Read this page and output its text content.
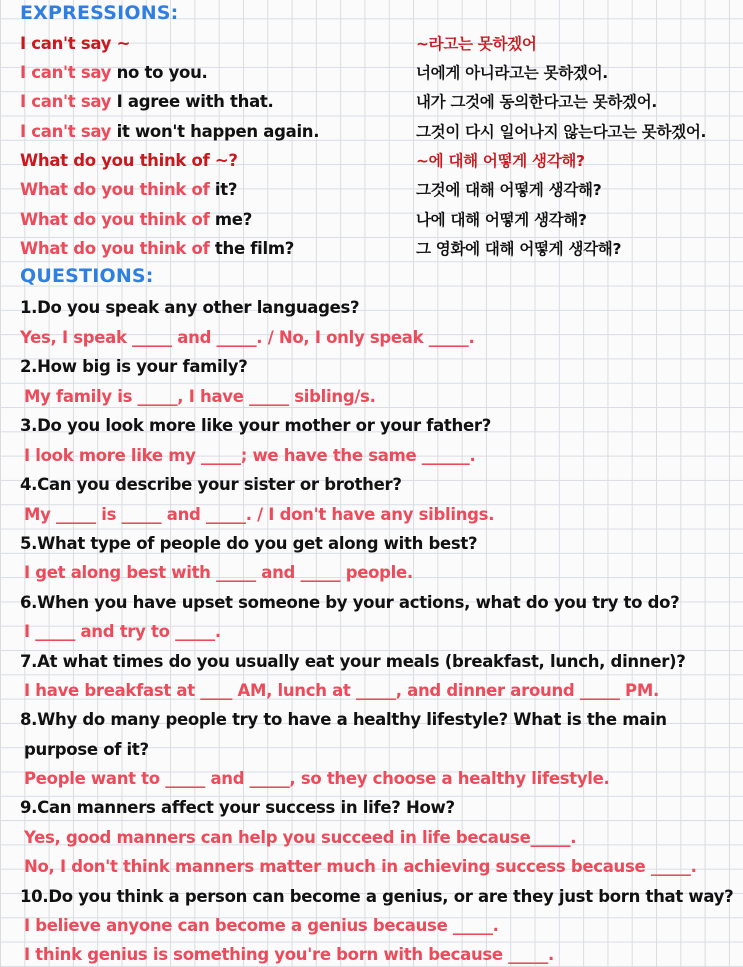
EXPRESSIONS:
I can't say ~	~라고는 못하겠어
I can't say no to you.	너에게 아니라고는 못하겠어.
I can't say I agree with that.	내가 그것에 동의한다고는 못하겠어.
I can't say it won't happen again.	그것이 다시 일어나지 않는다고는 못하겠어.
What do you think of ~?	~에 대해 어떻게 생각해?
What do you think of it?	그것에 대해 어떻게 생각해?
What do you think of me?	나에 대해 어떻게 생각해?
What do you think of the film?	그 영화에 대해 어떻게 생각해?
QUESTIONS:
1.Do you speak any other languages?
Yes, I speak _____ and _____. / No, I only speak _____.
2.How big is your family?
My family is _____, I have _____ sibling/s.
3.Do you look more like your mother or your father?
I look more like my _____; we have the same ______.
4.Can you describe your sister or brother?
My _____ is _____ and _____. / I don't have any siblings.
5.What type of people do you get along with best?
I get along best with _____ and _____ people.
6.When you have upset someone by your actions, what do you try to do?
I _____ and try to _____.
7.At what times do you usually eat your meals (breakfast, lunch, dinner)?
I have breakfast at ____ AM, lunch at _____, and dinner around _____ PM.
8.Why do many people try to have a healthy lifestyle? What is the main
purpose of it?
People want to _____ and _____, so they choose a healthy lifestyle.
9.Can manners affect your success in life? How?
Yes, good manners can help you succeed in life because_____.
No, I don't think manners matter much in achieving success because _____.
10.Do you think a person can become a genius, or are they just born that way?
I believe anyone can become a genius because _____.
I think genius is something you're born with because _____.
